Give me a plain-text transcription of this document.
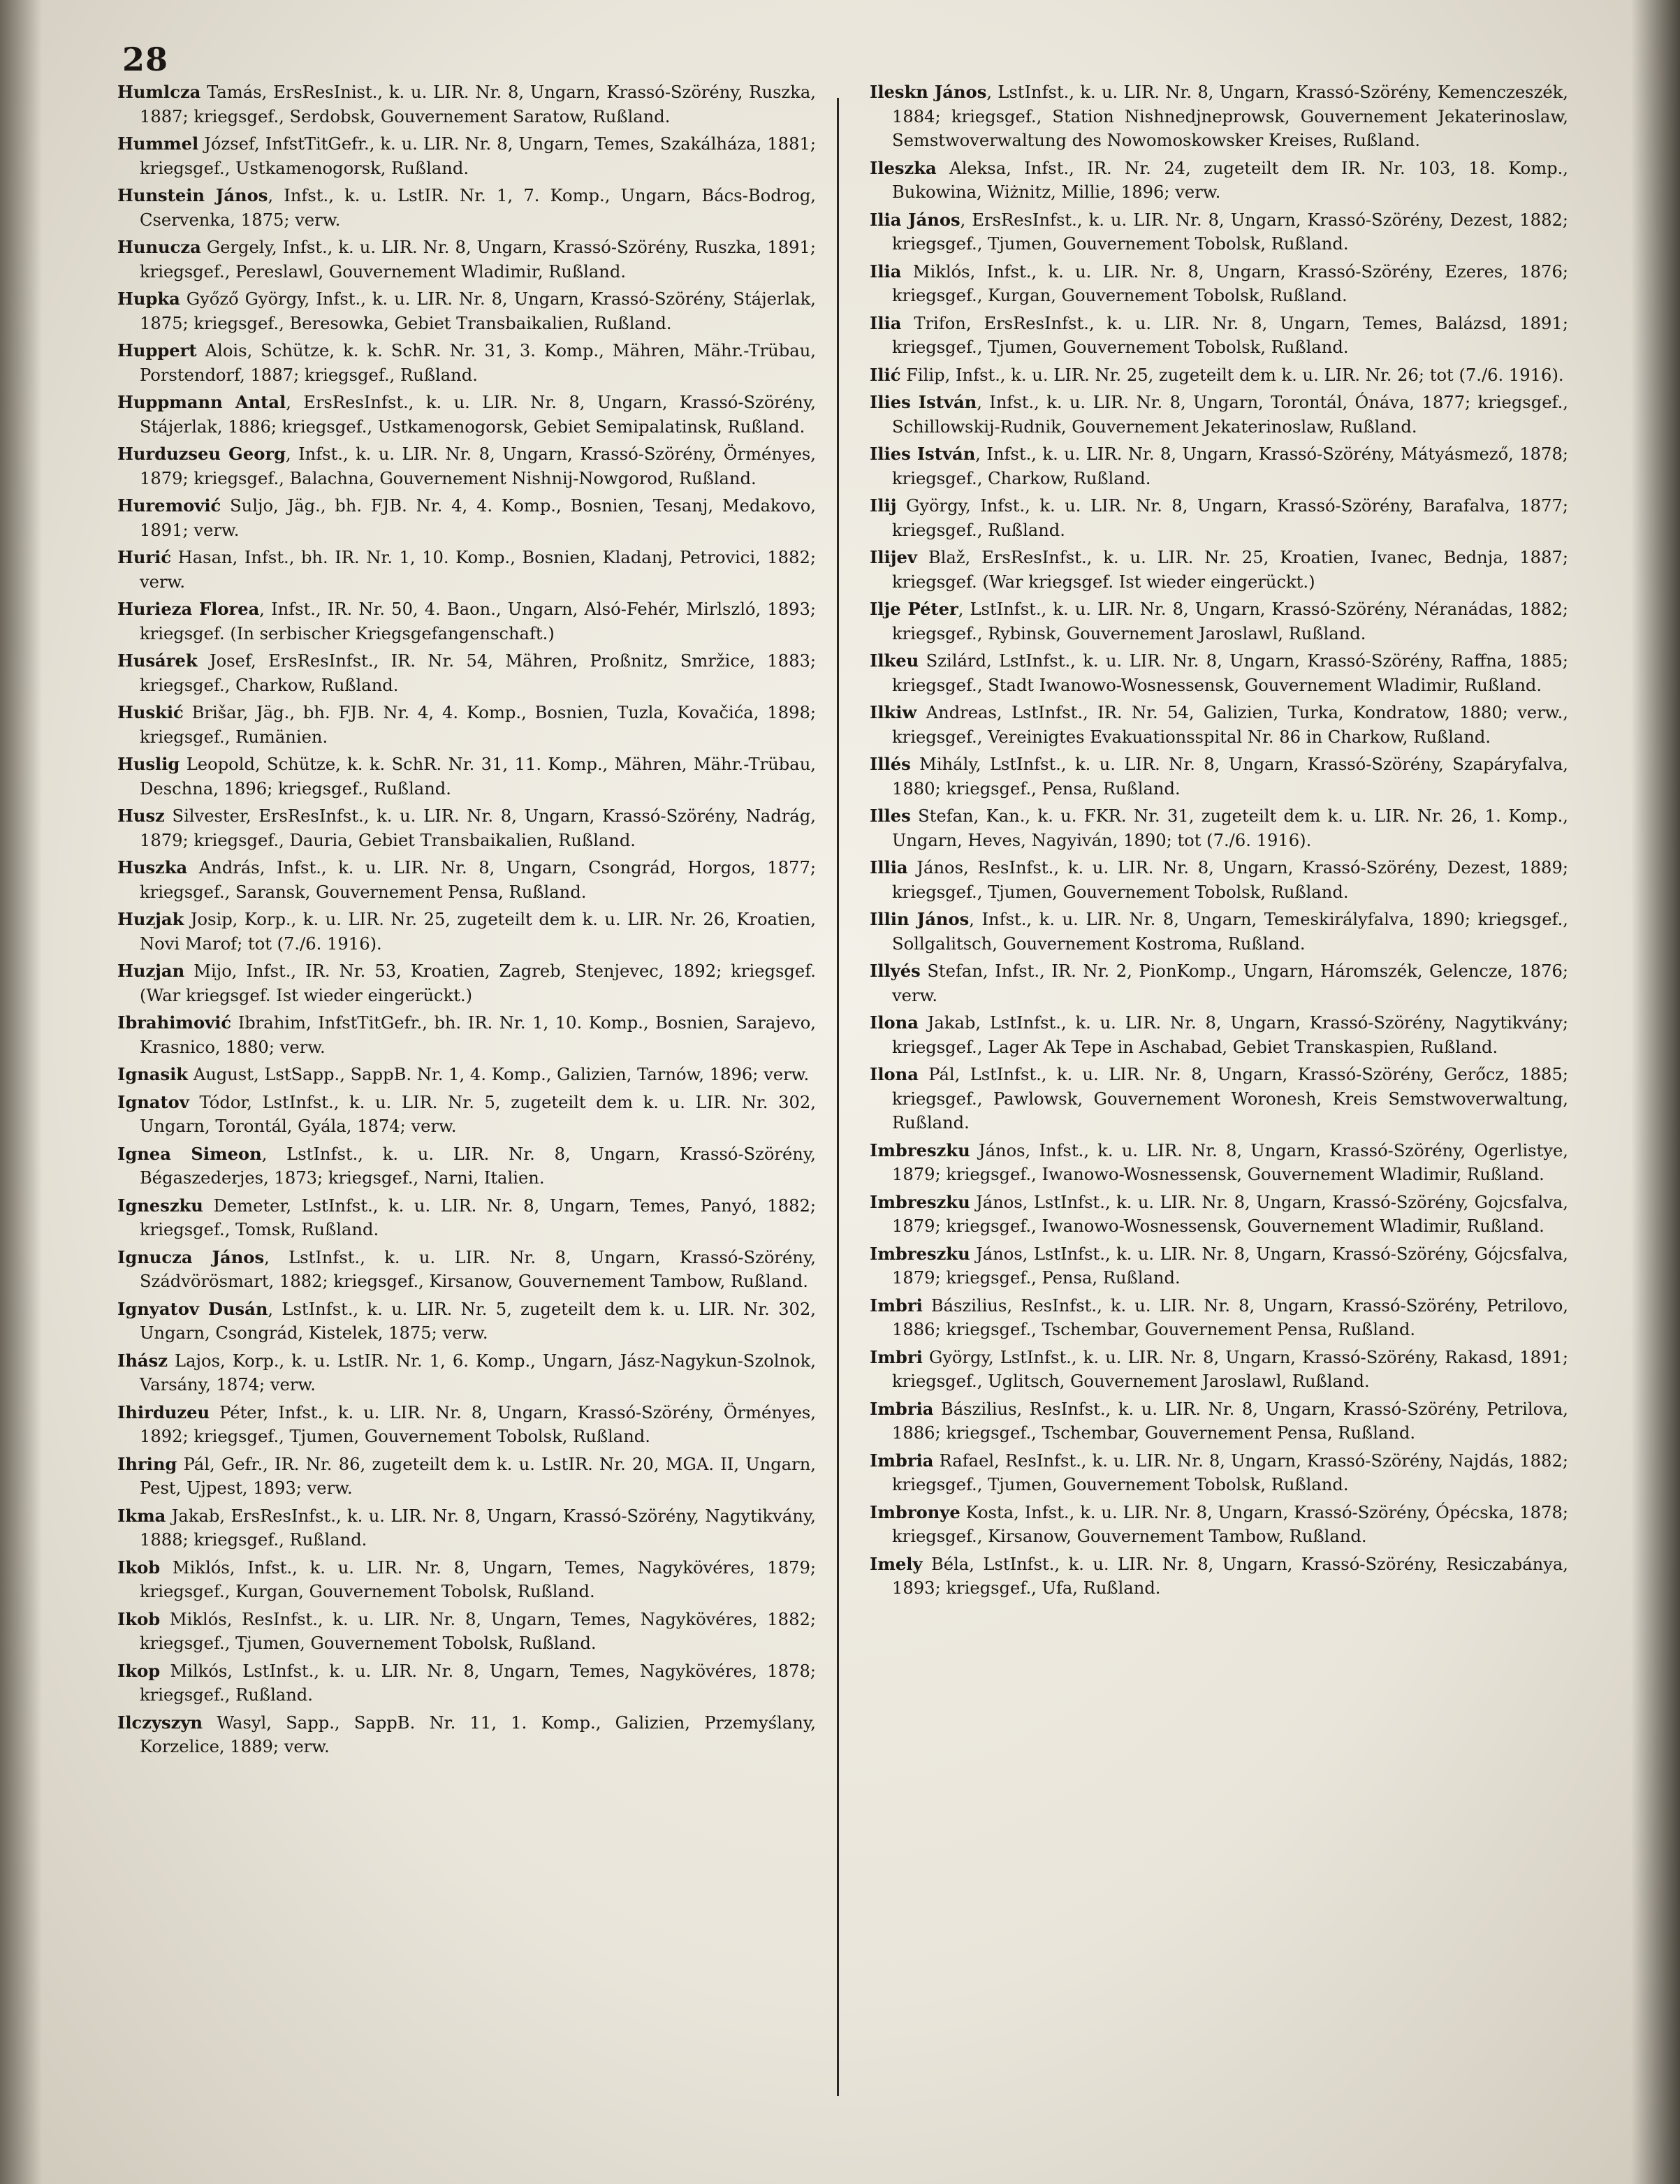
28

Humlcza Tamás, ErsResInist., k. u. LIR. Nr. 8, Ungarn, Krassó-Szörény, Ruszka, 1887; kriegsgef., Serdobsk, Gouvernement Saratow, Rußland.

Hummel József, InfstTitGefr., k. u. LIR. Nr. 8, Ungarn, Temes, Szakálháza, 1881; kriegsgef., Ustkamenogorsk, Rußland.

Hunstein János, Infst., k. u. LstIR. Nr. 1, 7. Komp., Ungarn, Bács-Bodrog, Cservenka, 1875; verw.

Hunucza Gergely, Infst., k. u. LIR. Nr. 8, Ungarn, Krassó-Szörény, Ruszka, 1891; kriegsgef., Pereslawl, Gouvernement Wladimir, Rußland.

Hupka Győző György, Infst., k. u. LIR. Nr. 8, Ungarn, Krassó-Szörény, Stájerlak, 1875; kriegsgef., Beresowka, Gebiet Transbaikalien, Rußland.

Huppert Alois, Schütze, k. k. SchR. Nr. 31, 3. Komp., Mähren, Mähr.-Trübau, Porstendorf, 1887; kriegsgef., Rußland.

Huppmann Antal, ErsResInfst., k. u. LIR. Nr. 8, Ungarn, Krassó-Szörény, Stájerlak, 1886; kriegsgef., Ustkamenogorsk, Gebiet Semipalatinsk, Rußland.

Hurduzseu Georg, Infst., k. u. LIR. Nr. 8, Ungarn, Krassó-Szörény, Örményes, 1879; kriegsgef., Balachna, Gouvernement Nishnij-Nowgorod, Rußland.

Huremović Suljo, Jäg., bh. FJB. Nr. 4, 4. Komp., Bosnien, Tesanj, Medakovo, 1891; verw.

Hurić Hasan, Infst., bh. IR. Nr. 1, 10. Komp., Bosnien, Kladanj, Petrovici, 1882; verw.

Hurieza Florea, Infst., IR. Nr. 50, 4. Baon., Ungarn, Alsó-Fehér, Mirlszló, 1893; kriegsgef. (In serbischer Kriegsgefangenschaft.)

Husárek Josef, ErsResInfst., IR. Nr. 54, Mähren, Proßnitz, Smržice, 1883; kriegsgef., Charkow, Rußland.

Huskić Brišar, Jäg., bh. FJB. Nr. 4, 4. Komp., Bosnien, Tuzla, Kovačića, 1898; kriegsgef., Rumänien.

Huslig Leopold, Schütze, k. k. SchR. Nr. 31, 11. Komp., Mähren, Mähr.-Trübau, Deschna, 1896; kriegsgef., Rußland.

Husz Silvester, ErsResInfst., k. u. LIR. Nr. 8, Ungarn, Krassó-Szörény, Nadrág, 1879; kriegsgef., Dauria, Gebiet Transbaikalien, Rußland.

Huszka András, Infst., k. u. LIR. Nr. 8, Ungarn, Csongrád, Horgos, 1877; kriegsgef., Saransk, Gouvernement Pensa, Rußland.

Huzjak Josip, Korp., k. u. LIR. Nr. 25, zugeteilt dem k. u. LIR. Nr. 26, Kroatien, Novi Marof; tot (7./6. 1916).

Huzjan Mijo, Infst., IR. Nr. 53, Kroatien, Zagreb, Stenjevec, 1892; kriegsgef. (War kriegsgef. Ist wieder eingerückt.)

Ibrahimović Ibrahim, InfstTitGefr., bh. IR. Nr. 1, 10. Komp., Bosnien, Sarajevo, Krasnico, 1880; verw.

Ignasik August, LstSapp., SappB. Nr. 1, 4. Komp., Galizien, Tarnów, 1896; verw.

Ignatov Tódor, LstInfst., k. u. LIR. Nr. 5, zugeteilt dem k. u. LIR. Nr. 302, Ungarn, Torontál, Gyála, 1874; verw.

Ignea Simeon, LstInfst., k. u. LIR. Nr. 8, Ungarn, Krassó-Szörény, Bégaszederjes, 1873; kriegsgef., Narni, Italien.

Igneszku Demeter, LstInfst., k. u. LIR. Nr. 8, Ungarn, Temes, Panyó, 1882; kriegsgef., Tomsk, Rußland.

Ignucza János, LstInfst., k. u. LIR. Nr. 8, Ungarn, Krassó-Szörény, Szádvörösmart, 1882; kriegsgef., Kirsanow, Gouvernement Tambow, Rußland.

Ignyatov Dusán, LstInfst., k. u. LIR. Nr. 5, zugeteilt dem k. u. LIR. Nr. 302, Ungarn, Csongrád, Kistelek, 1875; verw.

Ihász Lajos, Korp., k. u. LstIR. Nr. 1, 6. Komp., Ungarn, Jász-Nagykun-Szolnok, Varsány, 1874; verw.

Ihirduzeu Péter, Infst., k. u. LIR. Nr. 8, Ungarn, Krassó-Szörény, Örményes, 1892; kriegsgef., Tjumen, Gouvernement Tobolsk, Rußland.

Ihring Pál, Gefr., IR. Nr. 86, zugeteilt dem k. u. LstIR. Nr. 20, MGA. II, Ungarn, Pest, Ujpest, 1893; verw.

Ikma Jakab, ErsResInfst., k. u. LIR. Nr. 8, Ungarn, Krassó-Szörény, Nagytikvány, 1888; kriegsgef., Rußland.

Ikob Miklós, Infst., k. u. LIR. Nr. 8, Ungarn, Temes, Nagykövéres, 1879; kriegsgef., Kurgan, Gouvernement Tobolsk, Rußland.

Ikob Miklós, ResInfst., k. u. LIR. Nr. 8, Ungarn, Temes, Nagykövéres, 1882; kriegsgef., Tjumen, Gouvernement Tobolsk, Rußland.

Ikop Milkós, LstInfst., k. u. LIR. Nr. 8, Ungarn, Temes, Nagykövéres, 1878; kriegsgef., Rußland.

Ilczyszyn Wasyl, Sapp., SappB. Nr. 11, 1. Komp., Galizien, Przemyślany, Korzelice, 1889; verw.

Ileskn János, LstInfst., k. u. LIR. Nr. 8, Ungarn, Krassó-Szörény, Kemenczeszék, 1884; kriegsgef., Station Nishnedjneprowsk, Gouvernement Jekaterinoslaw, Semstwoverwaltung des Nowomoskowsker Kreises, Rußland.

Ileszka Aleksa, Infst., IR. Nr. 24, zugeteilt dem IR. Nr. 103, 18. Komp., Bukowina, Wiżnitz, Millie, 1896; verw.

Ilia János, ErsResInfst., k. u. LIR. Nr. 8, Ungarn, Krassó-Szörény, Dezest, 1882; kriegsgef., Tjumen, Gouvernement Tobolsk, Rußland.

Ilia Miklós, Infst., k. u. LIR. Nr. 8, Ungarn, Krassó-Szörény, Ezeres, 1876; kriegsgef., Kurgan, Gouvernement Tobolsk, Rußland.

Ilia Trifon, ErsResInfst., k. u. LIR. Nr. 8, Ungarn, Temes, Balázsd, 1891; kriegsgef., Tjumen, Gouvernement Tobolsk, Rußland.

Ilić Filip, Infst., k. u. LIR. Nr. 25, zugeteilt dem k. u. LIR. Nr. 26; tot (7./6. 1916).

Ilies István, Infst., k. u. LIR. Nr. 8, Ungarn, Torontál, Ónáva, 1877; kriegsgef., Schillowskij-Rudnik, Gouvernement Jekaterinoslaw, Rußland.

Ilies István, Infst., k. u. LIR. Nr. 8, Ungarn, Krassó-Szörény, Mátyásmező, 1878; kriegsgef., Charkow, Rußland.

Ilij György, Infst., k. u. LIR. Nr. 8, Ungarn, Krassó-Szörény, Barafalva, 1877; kriegsgef., Rußland.

Ilijev Blaž, ErsResInfst., k. u. LIR. Nr. 25, Kroatien, Ivanec, Bednja, 1887; kriegsgef. (War kriegsgef. Ist wieder eingerückt.)

Ilje Péter, LstInfst., k. u. LIR. Nr. 8, Ungarn, Krassó-Szörény, Néranádas, 1882; kriegsgef., Rybinsk, Gouvernement Jaroslawl, Rußland.

Ilkeu Szilárd, LstInfst., k. u. LIR. Nr. 8, Ungarn, Krassó-Szörény, Raffna, 1885; kriegsgef., Stadt Iwanowo-Wosnessensk, Gouvernement Wladimir, Rußland.

Ilkiw Andreas, LstInfst., IR. Nr. 54, Galizien, Turka, Kondratow, 1880; verw., kriegsgef., Vereinigtes Evakuationsspital Nr. 86 in Charkow, Rußland.

Illés Mihály, LstInfst., k. u. LIR. Nr. 8, Ungarn, Krassó-Szörény, Szapáryfalva, 1880; kriegsgef., Pensa, Rußland.

Illes Stefan, Kan., k. u. FKR. Nr. 31, zugeteilt dem k. u. LIR. Nr. 26, 1. Komp., Ungarn, Heves, Nagyiván, 1890; tot (7./6. 1916).

Illia János, ResInfst., k. u. LIR. Nr. 8, Ungarn, Krassó-Szörény, Dezest, 1889; kriegsgef., Tjumen, Gouvernement Tobolsk, Rußland.

Illin János, Infst., k. u. LIR. Nr. 8, Ungarn, Temeskirályfalva, 1890; kriegsgef., Sollgalitsch, Gouvernement Kostroma, Rußland.

Illyés Stefan, Infst., IR. Nr. 2, PionKomp., Ungarn, Háromszék, Gelencze, 1876; verw.

Ilona Jakab, LstInfst., k. u. LIR. Nr. 8, Ungarn, Krassó-Szörény, Nagytikvány; kriegsgef., Lager Ak Tepe in Aschabad, Gebiet Transkaspien, Rußland.

Ilona Pál, LstInfst., k. u. LIR. Nr. 8, Ungarn, Krassó-Szörény, Gerőcz, 1885; kriegsgef., Pawlowsk, Gouvernement Woronesh, Kreis Semstwoverwaltung, Rußland.

Imbreszku János, Infst., k. u. LIR. Nr. 8, Ungarn, Krassó-Szörény, Ogerlistye, 1879; kriegsgef., Iwanowo-Wosnessensk, Gouvernement Wladimir, Rußland.

Imbreszku János, LstInfst., k. u. LIR. Nr. 8, Ungarn, Krassó-Szörény, Gojcsfalva, 1879; kriegsgef., Iwanowo-Wosnessensk, Gouvernement Wladimir, Rußland.

Imbreszku János, LstInfst., k. u. LIR. Nr. 8, Ungarn, Krassó-Szörény, Gójcsfalva, 1879; kriegsgef., Pensa, Rußland.

Imbri Bászilius, ResInfst., k. u. LIR. Nr. 8, Ungarn, Krassó-Szörény, Petrilovo, 1886; kriegsgef., Tschembar, Gouvernement Pensa, Rußland.

Imbri György, LstInfst., k. u. LIR. Nr. 8, Ungarn, Krassó-Szörény, Rakasd, 1891; kriegsgef., Uglitsch, Gouvernement Jaroslawl, Rußland.

Imbria Bászilius, ResInfst., k. u. LIR. Nr. 8, Ungarn, Krassó-Szörény, Petrilova, 1886; kriegsgef., Tschembar, Gouvernement Pensa, Rußland.

Imbria Rafael, ResInfst., k. u. LIR. Nr. 8, Ungarn, Krassó-Szörény, Najdás, 1882; kriegsgef., Tjumen, Gouvernement Tobolsk, Rußland.

Imbronye Kosta, Infst., k. u. LIR. Nr. 8, Ungarn, Krassó-Szörény, Ópécska, 1878; kriegsgef., Kirsanow, Gouvernement Tambow, Rußland.

Imely Béla, LstInfst., k. u. LIR. Nr. 8, Ungarn, Krassó-Szörény, Resiczabánya, 1893; kriegsgef., Ufa, Rußland.
